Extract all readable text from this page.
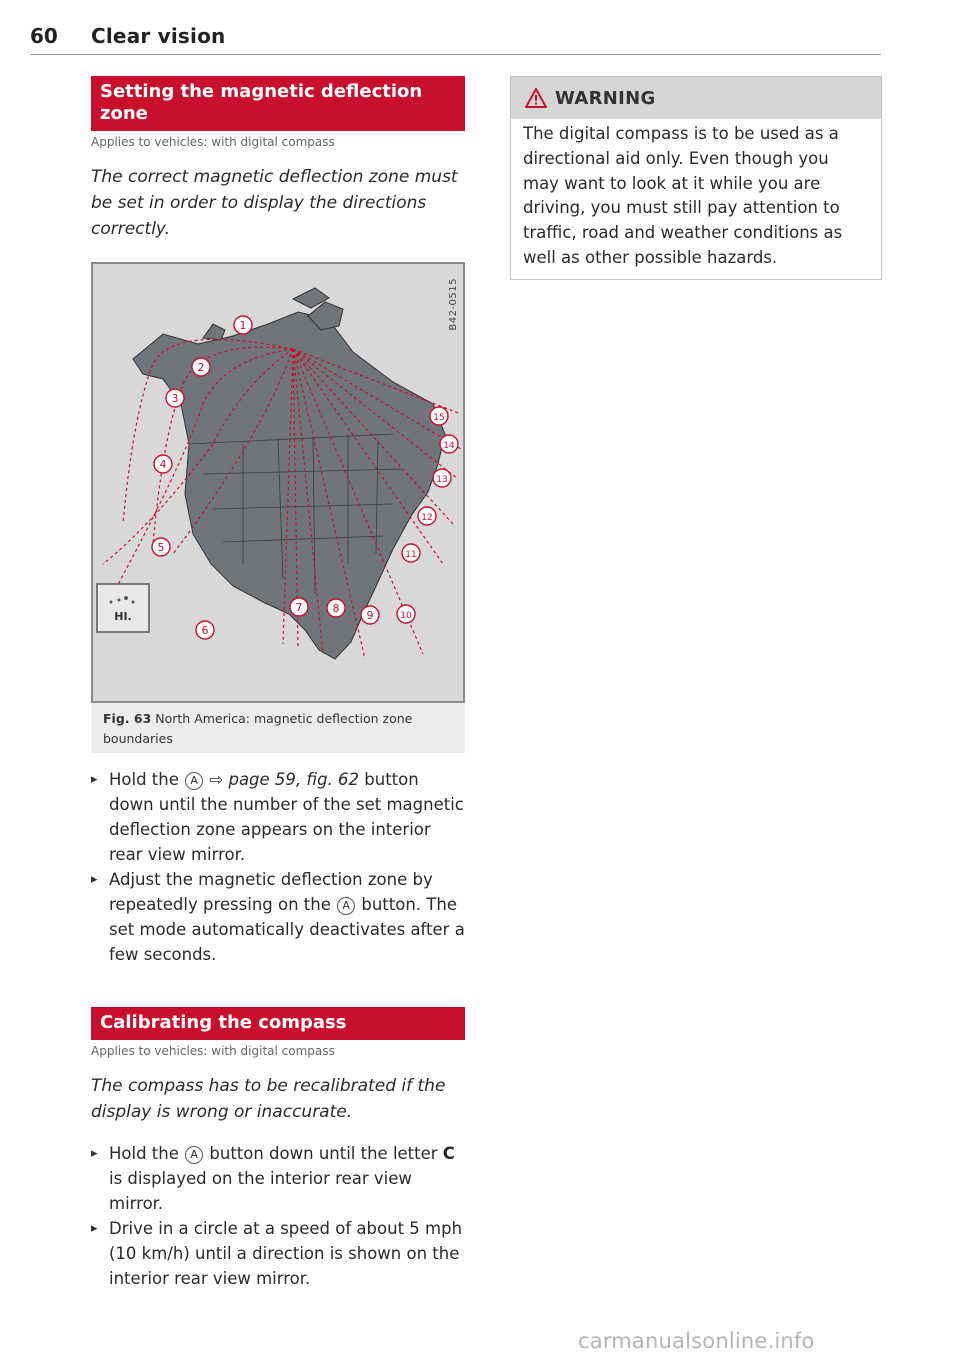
60 Clear vision
Setting the magnetic deflection zone
Applies to vehicles: with digital compass
The correct magnetic deflection zone must be set in order to display the directions correctly.
HI.
1
2
3
4
5
6
7	8
9	10
11
12
13
14
15
B42-0515
Fig. 63 North America: magnetic deflection zone boundaries
▸ Hold the A ⇨ page 59, fig. 62 button down until the number of the set magnetic deflection zone appears on the interior rear view mirror.
▸ Adjust the magnetic deflection zone by repeatedly pressing on the A button. The set mode automatically deactivates after a few seconds.
Calibrating the compass
Applies to vehicles: with digital compass
The compass has to be recalibrated if the display is wrong or inaccurate.
▸ Hold the A button down until the letter C is displayed on the interior rear view mirror.
▸ Drive in a circle at a speed of about 5 mph (10 km/h) until a direction is shown on the interior rear view mirror.
WARNING
The digital compass is to be used as a directional aid only. Even though you may want to look at it while you are driving, you must still pay attention to traffic, road and weather conditions as well as other possible hazards.
carmanualsonline.info
